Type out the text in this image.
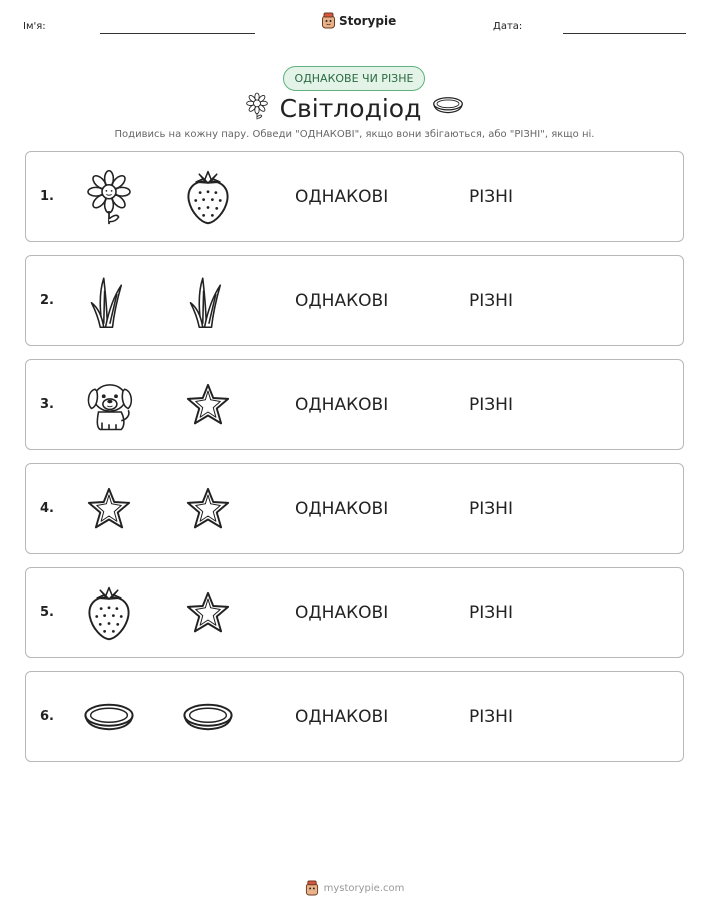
Ім'я:	Storypie	Дата:
ОДНАКОВЕ ЧИ РІЗНЕ
Світлодіод
Подивись на кожну пару. Обведи "ОДНАКОВІ", якщо вони збігаються, або "РІЗНІ", якщо ні.
1.	ОДНАКОВІ	РІЗНІ
2.	ОДНАКОВІ	РІЗНІ
3.	ОДНАКОВІ	РІЗНІ
4.	ОДНАКОВІ	РІЗНІ
5.	ОДНАКОВІ	РІЗНІ
6.	ОДНАКОВІ	РІЗНІ
mystorypie.com
